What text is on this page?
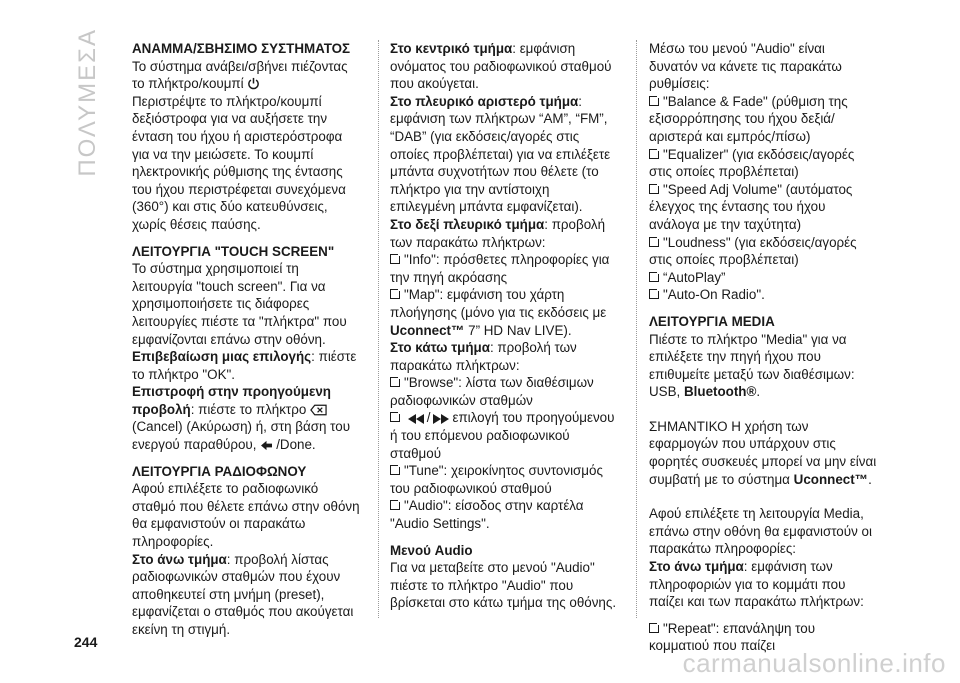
ΠΟΛΥΜΕΣΑ ΑΝΑΜΜΑ/ΣΒΗΣΙΜΟ ΣΥΣΤΗΜΑΤΟΣ

Το σύστημα ανάβει/σβήνει πιέζοντας το πλήκτρο/κουμπί

Περιστρέψτε το πλήκτρο/κουμπί δεξιόστροφα για να αυξήσετε την ένταση του ήχου ή αριστερόστροφα για να την μειώσετε. Το κουμπί ηλεκτρονικής ρύθμισης της έντασης του ήχου περιστρέφεται συνεχόμενα (360°) και στις δύο κατευθύνσεις, χωρίς θέσεις παύσης.

ΛΕΙΤΟΥΡΓΙΑ "TOUCH SCREEN"

Το σύστημα χρησιμοποιεί τη λειτουργία "touch screen". Για να χρησιμοποιήσετε τις διάφορες λειτουργίες πιέστε τα "πλήκτρα" που εμφανίζονται επάνω στην οθόνη.

Επιβεβαίωση μιας επιλογής: πιέστε το πλήκτρο "OK".

Επιστροφή στην προηγούμενη προβολή: πιέστε το πλήκτρο  (Cancel) (Ακύρωση) ή, στη βάση του ενεργού παραθύρου, /Done.

ΛΕΙΤΟΥΡΓΙΑ ΡΑΔΙΟΦΩΝΟΥ

Αφού επιλέξετε το ραδιοφωνικό σταθμό που θέλετε επάνω στην οθόνη θα εμφανιστούν οι παρακάτω πληροφορίες.

Στο άνω τμήμα: προβολή λίστας ραδιοφωνικών σταθμών που έχουν αποθηκευτεί στη μνήμη (preset), εμφανίζεται ο σταθμός που ακούγεται εκείνη τη στιγμή.

Στο κεντρικό τμήμα: εμφάνιση ονόματος του ραδιοφωνικού σταθμού που ακούγεται.

Στο πλευρικό αριστερό τμήμα: εμφάνιση των πλήκτρων “AM”, “FM”, “DAB” (για εκδόσεις/αγορές στις οποίες προβλέπεται) για να επιλέξετε μπάντα συχνοτήτων που θέλετε (το πλήκτρο για την αντίστοιχη επιλεγμένη μπάντα εμφανίζεται).

Στο δεξί πλευρικό τμήμα: προβολή των παρακάτω πλήκτρων:

"Info": πρόσθετες πληροφορίες για την πηγή ακρόασης

"Map": εμφάνιση του χάρτη πλοήγησης (μόνο για τις εκδόσεις με Uconnect™ 7” HD Nav LIVE).

Στο κάτω τμήμα: προβολή των παρακάτω πλήκτρων:

"Browse": λίστα των διαθέσιμων ραδιοφωνικών σταθμών

/ επιλογή του προηγούμενου ή του επόμενου ραδιοφωνικού σταθμού

"Tune": χειροκίνητος συντονισμός του ραδιοφωνικού σταθμού

"Audio": είσοδος στην καρτέλα "Audio Settings".

Μενού Audio

Για να μεταβείτε στο μενού "Audio" πιέστε το πλήκτρο "Audio" που βρίσκεται στο κάτω τμήμα της οθόνης.

Μέσω του μενού "Audio" είναι δυνατόν να κάνετε τις παρακάτω ρυθμίσεις:

"Balance & Fade" (ρύθμιση της εξισορρόπησης του ήχου δεξιά/αριστερά και εμπρός/πίσω)

"Equalizer" (για εκδόσεις/αγορές στις οποίες προβλέπεται)

"Speed Adj Volume" (αυτόματος έλεγχος της έντασης του ήχου ανάλογα με την ταχύτητα)

"Loudness" (για εκδόσεις/αγορές στις οποίες προβλέπεται)

“AutoPlay”

"Auto-On Radio".

ΛΕΙΤΟΥΡΓΙΑ MEDIA

Πιέστε το πλήκτρο "Media" για να επιλέξετε την πηγή ήχου που επιθυμείτε μεταξύ των διαθέσιμων: USB, Bluetooth®.

ΣΗΜΑΝΤΙΚΟ Η χρήση των εφαρμογών που υπάρχουν στις φορητές συσκευές μπορεί να μην είναι συμβατή με το σύστημα Uconnect™.

Αφού επιλέξετε τη λειτουργία Media, επάνω στην οθόνη θα εμφανιστούν οι παρακάτω πληροφορίες:

Στο άνω τμήμα: εμφάνιση των πληροφοριών για το κομμάτι που παίζει και των παρακάτω πλήκτρων:

"Repeat": επανάληψη του κομματιού που παίζει

244
carmanualsonline.info
